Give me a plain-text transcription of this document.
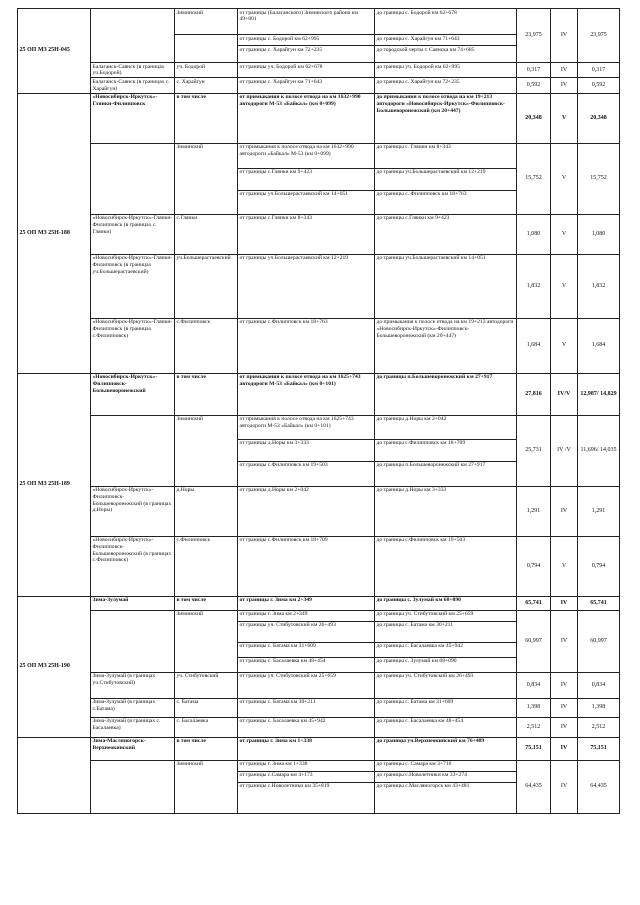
25 ОП МЗ 25Н-045		Зиминский	от границы (Балаганского) Зиминского района км 49+801	до границы с. Бодорой км 62+678	23,975	IV	23,975
			от границы с. Бодорой км 62+995	до границы с. Харайгун км 71+643			
			от границы с. Харайгун км 72+235	до городской черты г. Саянска км 74+685			
	Балаганск-Саянск (в границах уч.Бодорой)	уч. Бодорой	от границы уч. Бодорой км 62+678	до границы уч. Бодорой км 62+995	0,317	IV	0,317
	Балаганск-Саянск (в границах с. Харайгун)	с. Харайгун	от границы с. Харайгун км 71+643	до границы с. Харайгун км 72+235	0,592	IV	0,592
25 ОП МЗ 25Н-188	«Новосибирск-Иркутск»-Гляики-Филипповск	в том числе	от примыкания к полосе отвода на км 1632+990 автодороги М-53 «Байкал» (км 0+099)	до примыкания к полосе отвода на км 19+213 автодороги «Новосибирск-Иркутск»-Филипповск-Большеворонежский (км 20+447)	20,348	V	20,348
		Зиминский	от примыкания к полосе отвода на км 1632+990 автодороги «Байкал» М-53 (км 0+099)	до границы с. Гляики км 8+343	15,752	V	15,752
			от границы с.Гляики км 9+423	до границы уч.Большерастаевский км 12+219			
			от границы уч.Большерастаевский км 14+051	до границы с. Филипповск км 18+763			
	«Новосибирск-Иркутск»-Гляики-Филипповск (в границах с. Гляики)	с.Гляики	от границы с.Гляики км 8+343	до границы с.Гляики км 9+423	1,080	V	1,080
	«Новосибирск-Иркутск»-Гляики-Филипповск (в границах уч.Большерастаевский)	уч.Большерастаевский	от границы уч.Большерастаевский км 12+219	до границы уч.Большерастаевский км 14+051	1,832	V	1,832
	«Новосибирск-Иркутск»-Гляики-Филипповск (в границах с.Филипповск)	с.Филипповск	от границы с.Филипповск км 18+763	до примыкания к полосе отвода на км 19+213 автодороги «Новосибирск-Иркутск»-Филипповск-Большеворонежский (км 20+447)	1,684	V	1,684
25 ОП МЗ 25Н-189	«Новосибирск-Иркутск»-Филипповск-Большеворонежский	в том числе	от примыкания к полосе отвода на км 1625+743 автодороги М-53 «Байкал» (км 0+101)	до границы п.Большеворонежский км 27+917	27,816	IV/V	12,987/ 14,829
		Зиминский	от примыкания к полосе отвода на км 1625+743 автодороги М-53 «Байкал» (км 0+101)	до границы д.Норы км 2+042	25,731	IV /V	11,696/ 14,035
			от границы д.Норы км 3+333	до границы с.Филипповск км 18+709			
			от границы с.Филипповск км 19+503	до границы п.Большеворонежский км 27+917			
	«Новосибирск-Иркутск»-Филипповск-Большеворонежский (в границах д.Норы)	д.Норы	от границы д.Норы км 2+042	до границы д.Норы км 3+333	1,291	IV	1,291
	«Новосибирск-Иркутск»-Филипповск-Большеворонежский (в границах с.Филипповск)	с.Филипповск	от границы с.Филипповск км 18+709	до границы с.Филипповск км 19+503	0,794	V	0,794
25 ОП МЗ 25Н-190	Зима-Зулумай	в том числе	от границы г. Зима км 2+349	до границы с. Зулумай км 68+090	65,741	IV	65,741
		Зиминский	от границы г. Зима км 2+349	до границы уч. Стибутовский км 25+659	60,997	IV	60,997
			от границы уч. Стибутовский км 26+493	до границы с. Батама км 30+211			
			от границы с. Батама км 31+609	до границы с. Басалаевка км 45+942			
			от границы с. Басалаевка км 48+454	до границы с. Зулумай км 68+090			
	Зима-Зулумай (в границах уч.Стибутовский)	уч. Стибутовский	от границы уч. Стибутовский км 25+659	до границы уч. Стибутовский км 26+493	0,834	IV	0,834
	Зима-Зулумай (в границах с.Батама)	с. Батама	от границы с. Батама км 30+211	до границы с. Батама км 31+609	1,398	IV	1,398
	Зима-Зулумай (в границах с. Басалаевка)	с. Басалаевка	от границы с. Басалаевка км 45+942	до границы с. Басалаевка км 48+454	2,512	IV	2,512
	Зима-Масляногорск-Верхнеокинский	в том числе	от границы г. Зима км 1+338	до границы уч.Верхнеокинский км 76+489	75,151	IV	75,151
		Зиминский	от границы г. Зима км 1+338	до границы с. Самара км 3+716	64,435	IV	64,435
			от границы с.Самара км 4+173	до границы с.Новолетники км 33+274			
			от границы с.Новолетники км 35+819	до границы с.Масляногорск км 43+481			
